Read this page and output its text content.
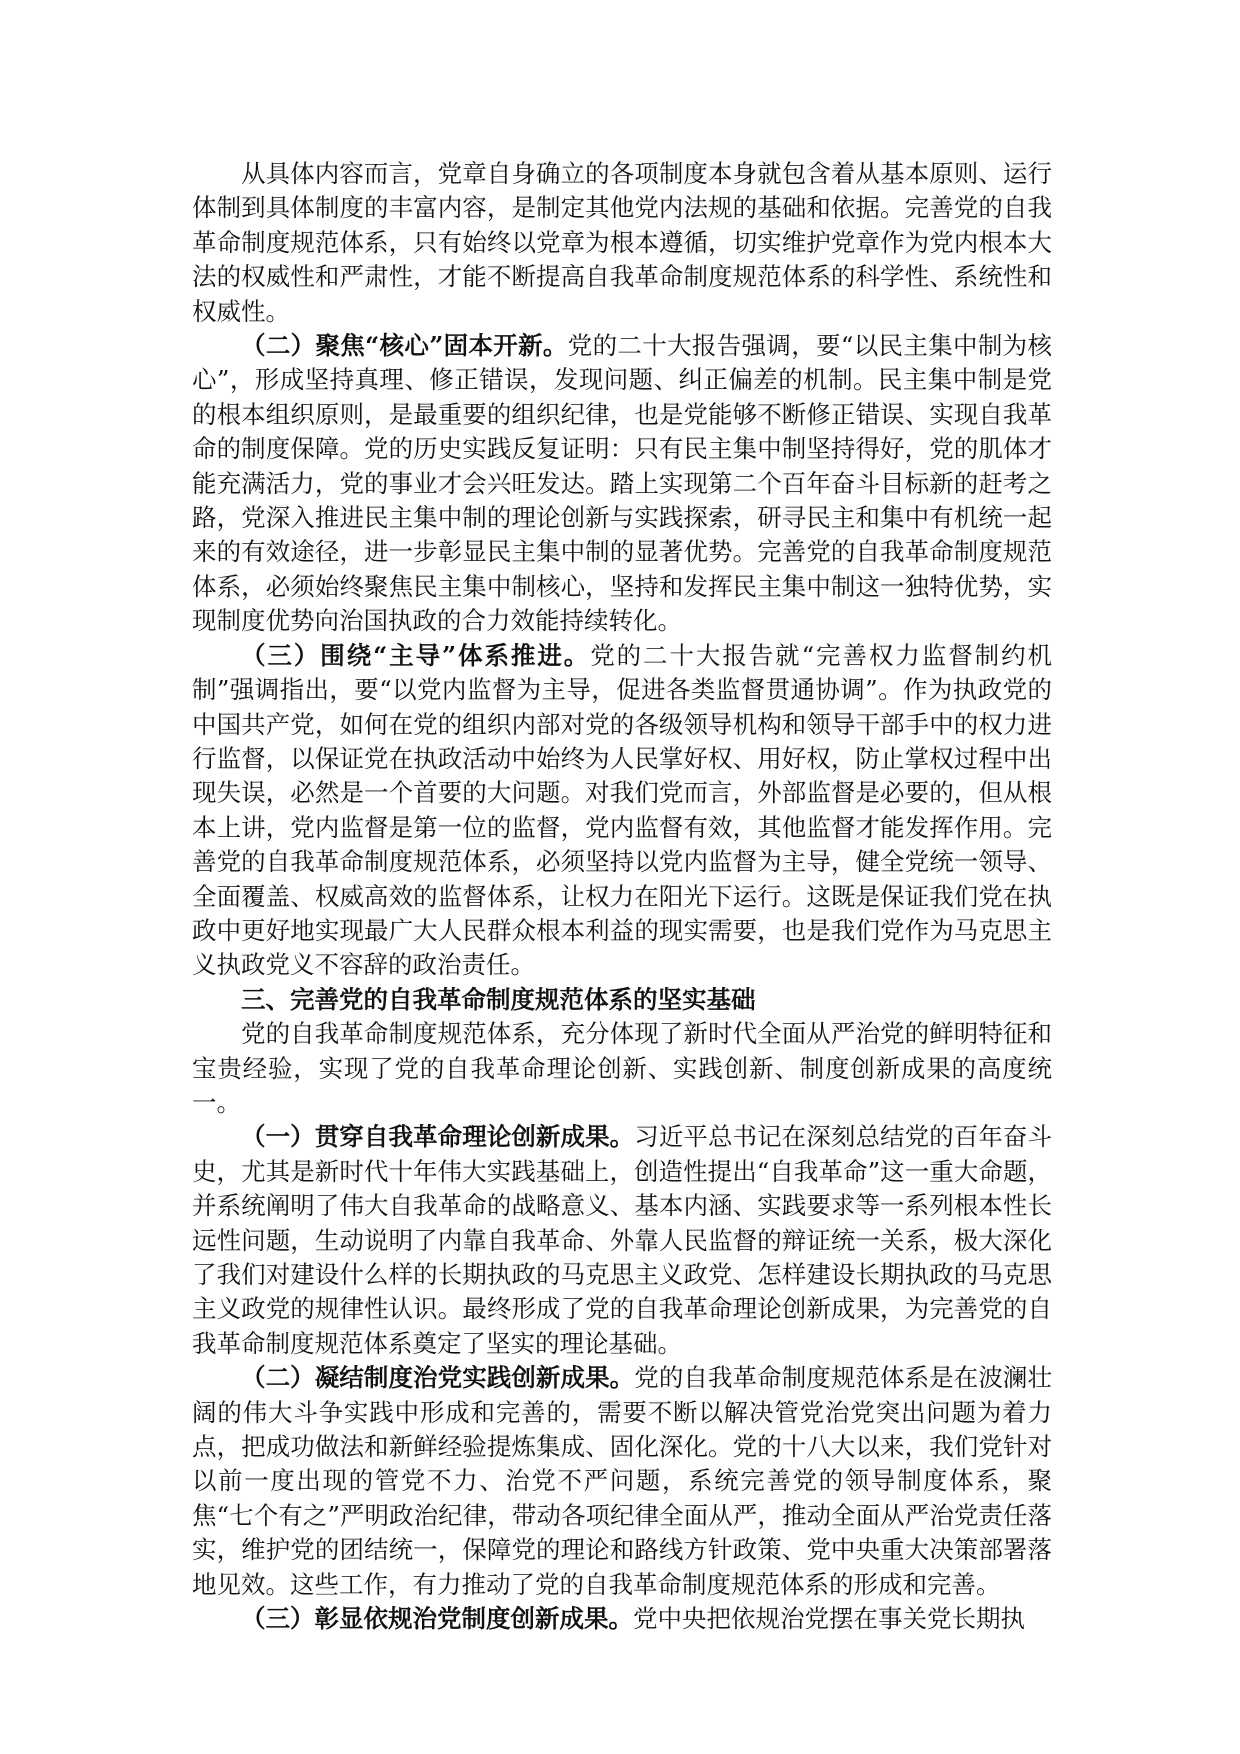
从具体内容而言，党章自身确立的各项制度本身就包含着从基本原则、运行体制到具体制度的丰富内容，是制定其他党内法规的基础和依据。完善党的自我革命制度规范体系，只有始终以党章为根本遵循，切实维护党章作为党内根本大法的权威性和严肃性，才能不断提高自我革命制度规范体系的科学性、系统性和权威性。

（二）聚焦“核心”固本开新。党的二十大报告强调，要“以民主集中制为核心”，形成坚持真理、修正错误，发现问题、纠正偏差的机制。民主集中制是党的根本组织原则，是最重要的组织纪律，也是党能够不断修正错误、实现自我革命的制度保障。党的历史实践反复证明：只有民主集中制坚持得好，党的肌体才能充满活力，党的事业才会兴旺发达。踏上实现第二个百年奋斗目标新的赶考之路，党深入推进民主集中制的理论创新与实践探索，研寻民主和集中有机统一起来的有效途径，进一步彰显民主集中制的显著优势。完善党的自我革命制度规范体系，必须始终聚焦民主集中制核心，坚持和发挥民主集中制这一独特优势，实现制度优势向治国执政的合力效能持续转化。

（三）围绕“主导”体系推进。党的二十大报告就“完善权力监督制约机制”强调指出，要“以党内监督为主导，促进各类监督贯通协调”。作为执政党的中国共产党，如何在党的组织内部对党的各级领导机构和领导干部手中的权力进行监督，以保证党在执政活动中始终为人民掌好权、用好权，防止掌权过程中出现失误，必然是一个首要的大问题。对我们党而言，外部监督是必要的，但从根本上讲，党内监督是第一位的监督，党内监督有效，其他监督才能发挥作用。完善党的自我革命制度规范体系，必须坚持以党内监督为主导，健全党统一领导、全面覆盖、权威高效的监督体系，让权力在阳光下运行。这既是保证我们党在执政中更好地实现最广大人民群众根本利益的现实需要，也是我们党作为马克思主义执政党义不容辞的政治责任。

三、完善党的自我革命制度规范体系的坚实基础

党的自我革命制度规范体系，充分体现了新时代全面从严治党的鲜明特征和宝贵经验，实现了党的自我革命理论创新、实践创新、制度创新成果的高度统一。

（一）贯穿自我革命理论创新成果。习近平总书记在深刻总结党的百年奋斗史，尤其是新时代十年伟大实践基础上，创造性提出“自我革命”这一重大命题，并系统阐明了伟大自我革命的战略意义、基本内涵、实践要求等一系列根本性长远性问题，生动说明了内靠自我革命、外靠人民监督的辩证统一关系，极大深化了我们对建设什么样的长期执政的马克思主义政党、怎样建设长期执政的马克思主义政党的规律性认识。最终形成了党的自我革命理论创新成果，为完善党的自我革命制度规范体系奠定了坚实的理论基础。

（二）凝结制度治党实践创新成果。党的自我革命制度规范体系是在波澜壮阔的伟大斗争实践中形成和完善的，需要不断以解决管党治党突出问题为着力点，把成功做法和新鲜经验提炼集成、固化深化。党的十八大以来，我们党针对以前一度出现的管党不力、治党不严问题，系统完善党的领导制度体系，聚焦“七个有之”严明政治纪律，带动各项纪律全面从严，推动全面从严治党责任落实，维护党的团结统一，保障党的理论和路线方针政策、党中央重大决策部署落地见效。这些工作，有力推动了党的自我革命制度规范体系的形成和完善。

（三）彰显依规治党制度创新成果。党中央把依规治党摆在事关党长期执
